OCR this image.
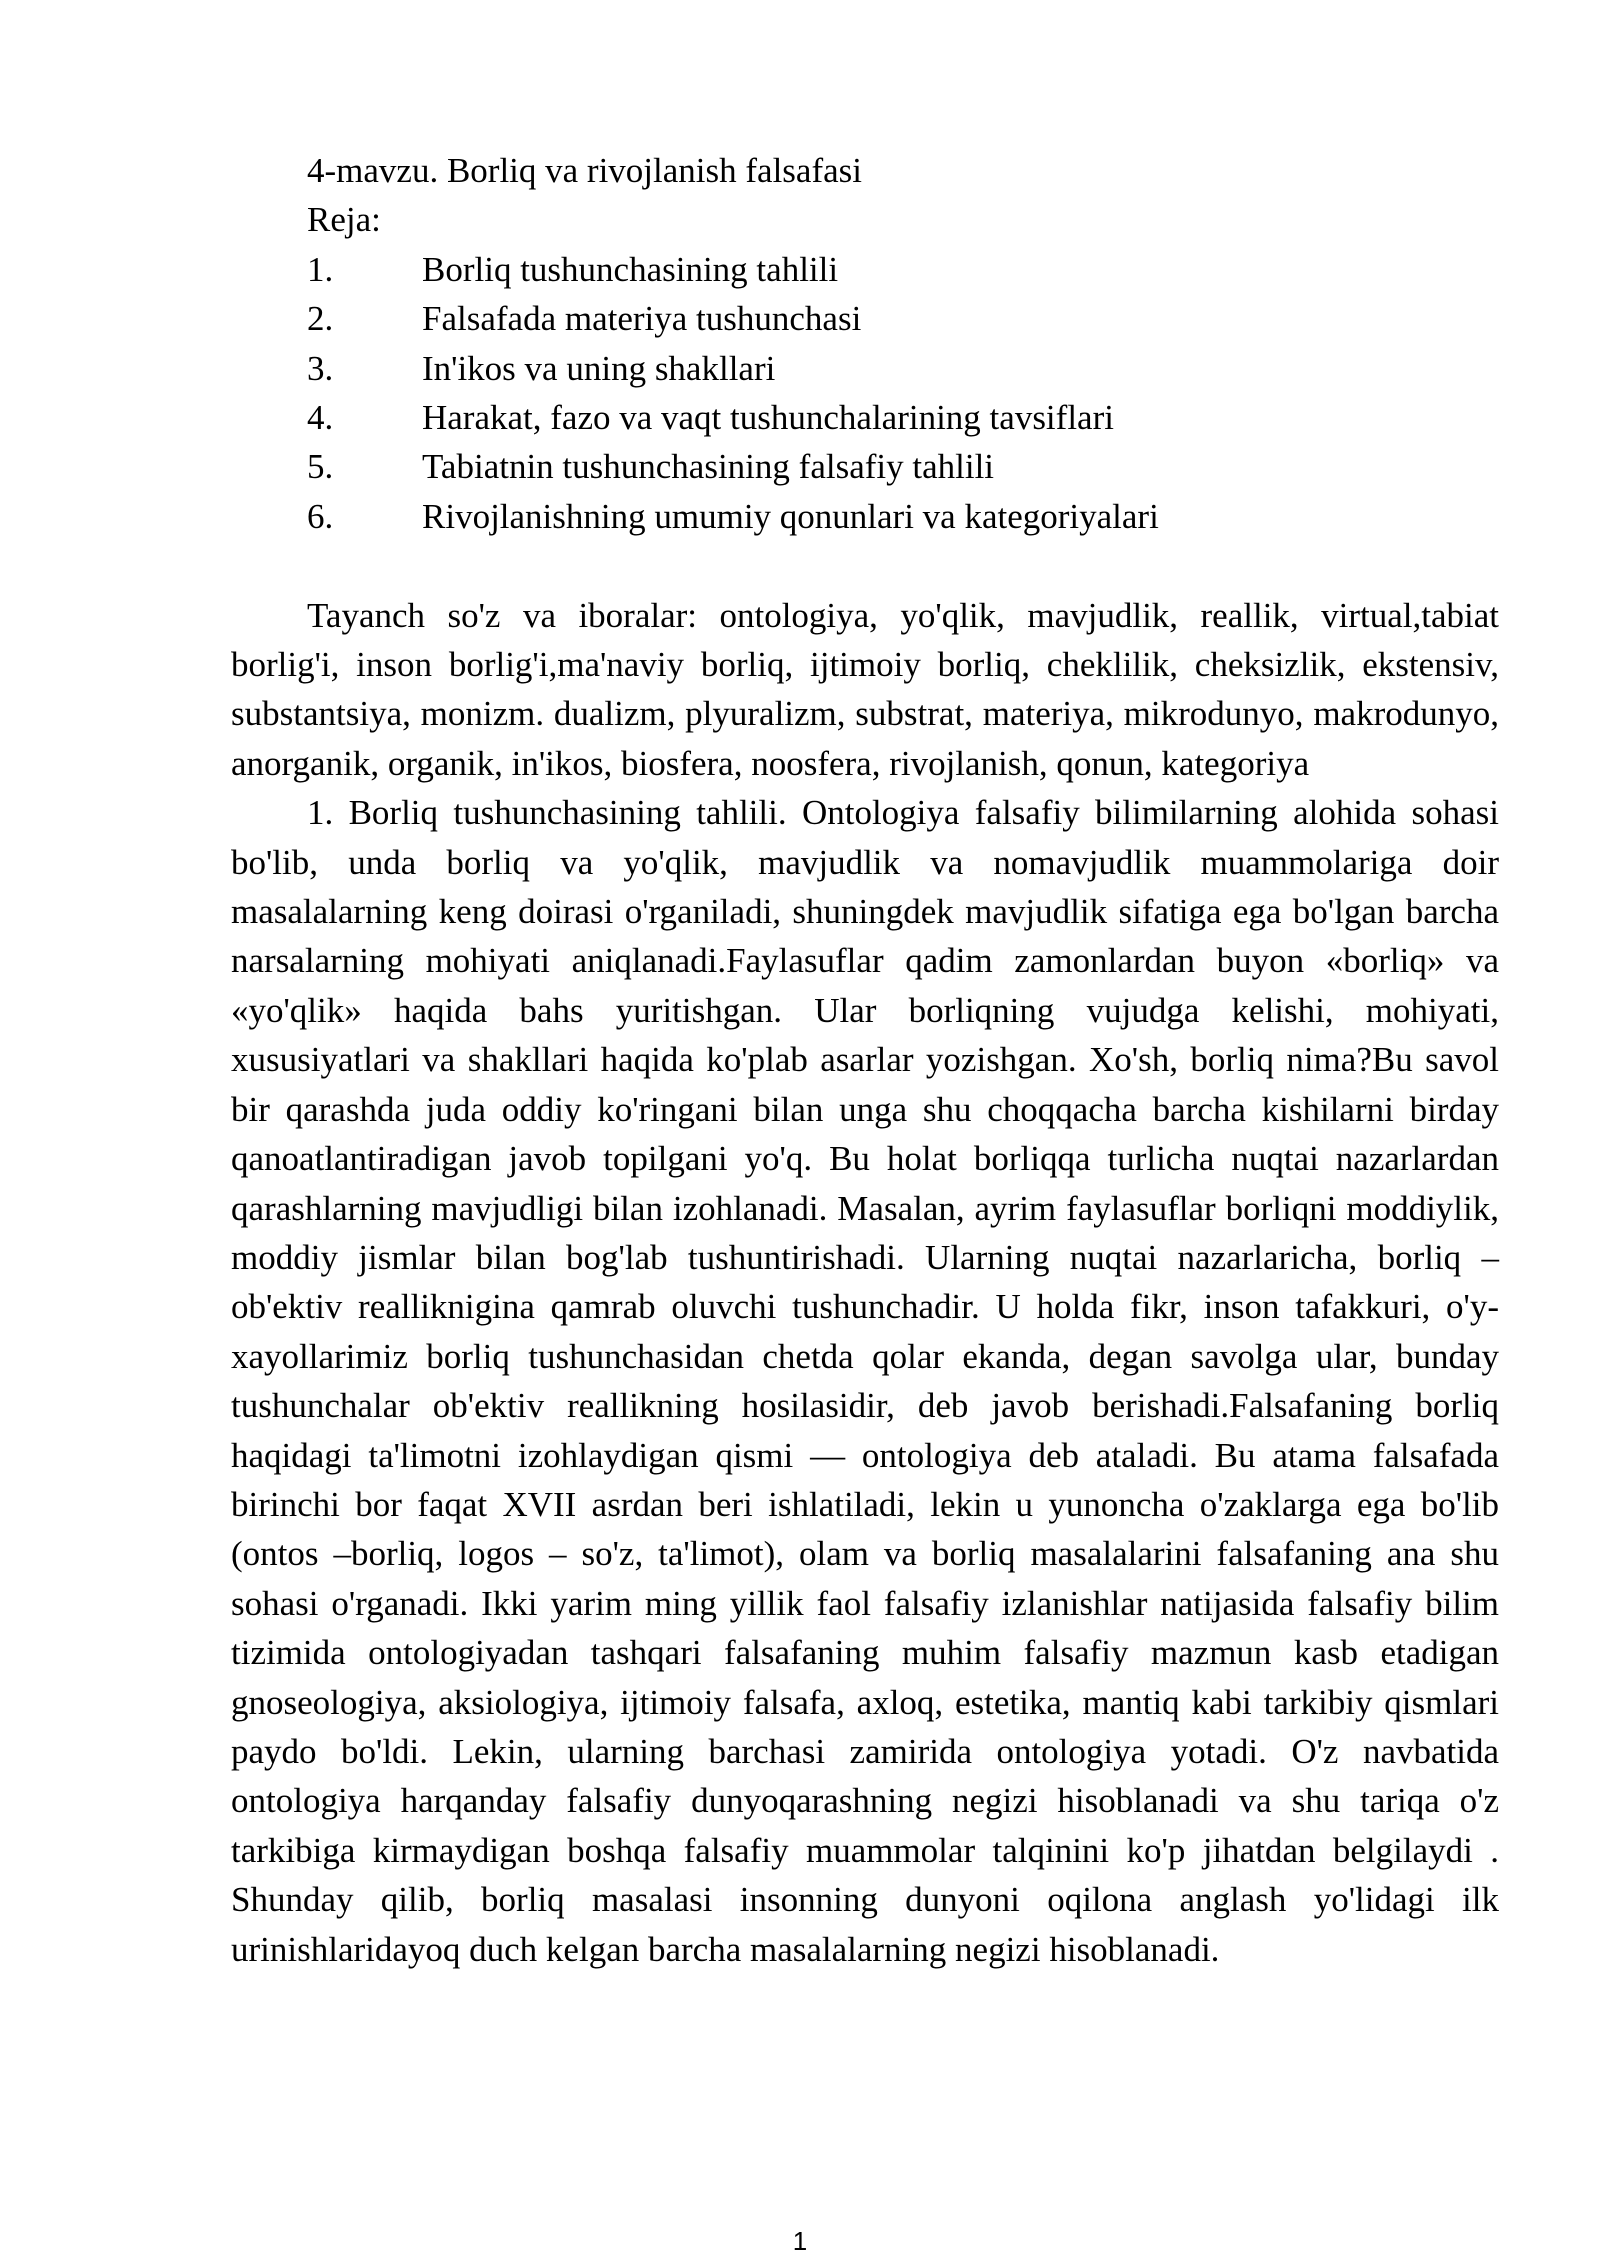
4-mavzu. Borliq va rivojlanish falsafasi
Reja:
1.	Borliq tushunchasining tahlili
2.	Falsafada materiya tushunchasi
3.	In'ikos va uning shakllari
4.	Harakat, fazo va vaqt tushunchalarining tavsiflari
5.	Tabiatnin tushunchasining falsafiy tahlili
6.	Rivojlanishning umumiy qonunlari va kategoriyalari

Tayanch so'z va iboralar: ontologiya, yo'qlik, mavjudlik, reallik, virtual,tabiat borlig'i, inson borlig'i,ma'naviy borliq, ijtimoiy borliq, cheklilik, cheksizlik, ekstensiv, substantsiya, monizm. dualizm, plyuralizm, substrat, materiya, mikrodunyo, makrodunyo, anorganik, organik, in'ikos, biosfera, noosfera, rivojlanish, qonun, kategoriya

1. Borliq tushunchasining tahlili. Ontologiya falsafiy bilimilarning alohida sohasi bo'lib, unda borliq va yo'qlik, mavjudlik va nomavjudlik muammolariga doir masalalarning keng doirasi o'rganiladi, shuningdek mavjudlik sifatiga ega bo'lgan barcha narsalarning mohiyati aniqlanadi.Faylasuflar qadim zamonlardan buyon «borliq» va «yo'qlik» haqida bahs yuritishgan. Ular borliqning vujudga kelishi, mohiyati, xususiyatlari va shakllari haqida ko'plab asarlar yozishgan. Xo'sh, borliq nima?Bu savol bir qarashda juda oddiy ko'ringani bilan unga shu choqqacha barcha kishilarni birday qanoatlantiradigan javob topilgani yo'q. Bu holat borliqqa turlicha nuqtai nazarlardan qarashlarning mavjudligi bilan izohlanadi. Masalan, ayrim faylasuflar borliqni moddiylik, moddiy jismlar bilan bog'lab tushuntirishadi. Ularning nuqtai nazarlaricha, borliq – ob'ektiv reallikniginа qamrab oluvchi tushunchadir. U holda fikr, inson tafakkuri, o'y-xayollarimiz borliq tushunchasidan chetda qolar ekanda, degan savolga ular, bunday tushunchalar ob'ektiv reallikning hosilasidir, deb javob berishadi.Falsafaning borliq haqidagi ta'limotni izohlaydigan qismi — ontologiya deb ataladi. Bu atama falsafada birinchi bor faqat XVII asrdan beri ishlatiladi, lekin u yunoncha o'zaklarga ega bo'lib (ontos –borliq, logos – so'z, ta'limot), olam va borliq masalalarini falsafaning ana shu sohasi o'rganadi. Ikki yarim ming yillik faol falsafiy izlanishlar natijasida falsafiy bilim tizimida ontologiyadan tashqari falsafaning muhim falsafiy mazmun kasb etadigan gnoseologiya, aksiologiya, ijtimoiy falsafa, axloq, estetika, mantiq kabi tarkibiy qismlari paydo bo'ldi. Lekin, ularning barchasi zamirida ontologiya yotadi. O'z navbatida ontologiya harqanday falsafiy dunyoqarashning negizi hisoblanadi va shu tariqa o'z tarkibiga kirmaydigan boshqa falsafiy muammolar talqinini ko'p jihatdan belgilaydi . Shunday qilib, borliq masalasi insonning dunyoni oqilona anglash yo'lidagi ilk urinishlaridayoq duch kelgan barcha masalalarning negizi hisoblanadi.

1
